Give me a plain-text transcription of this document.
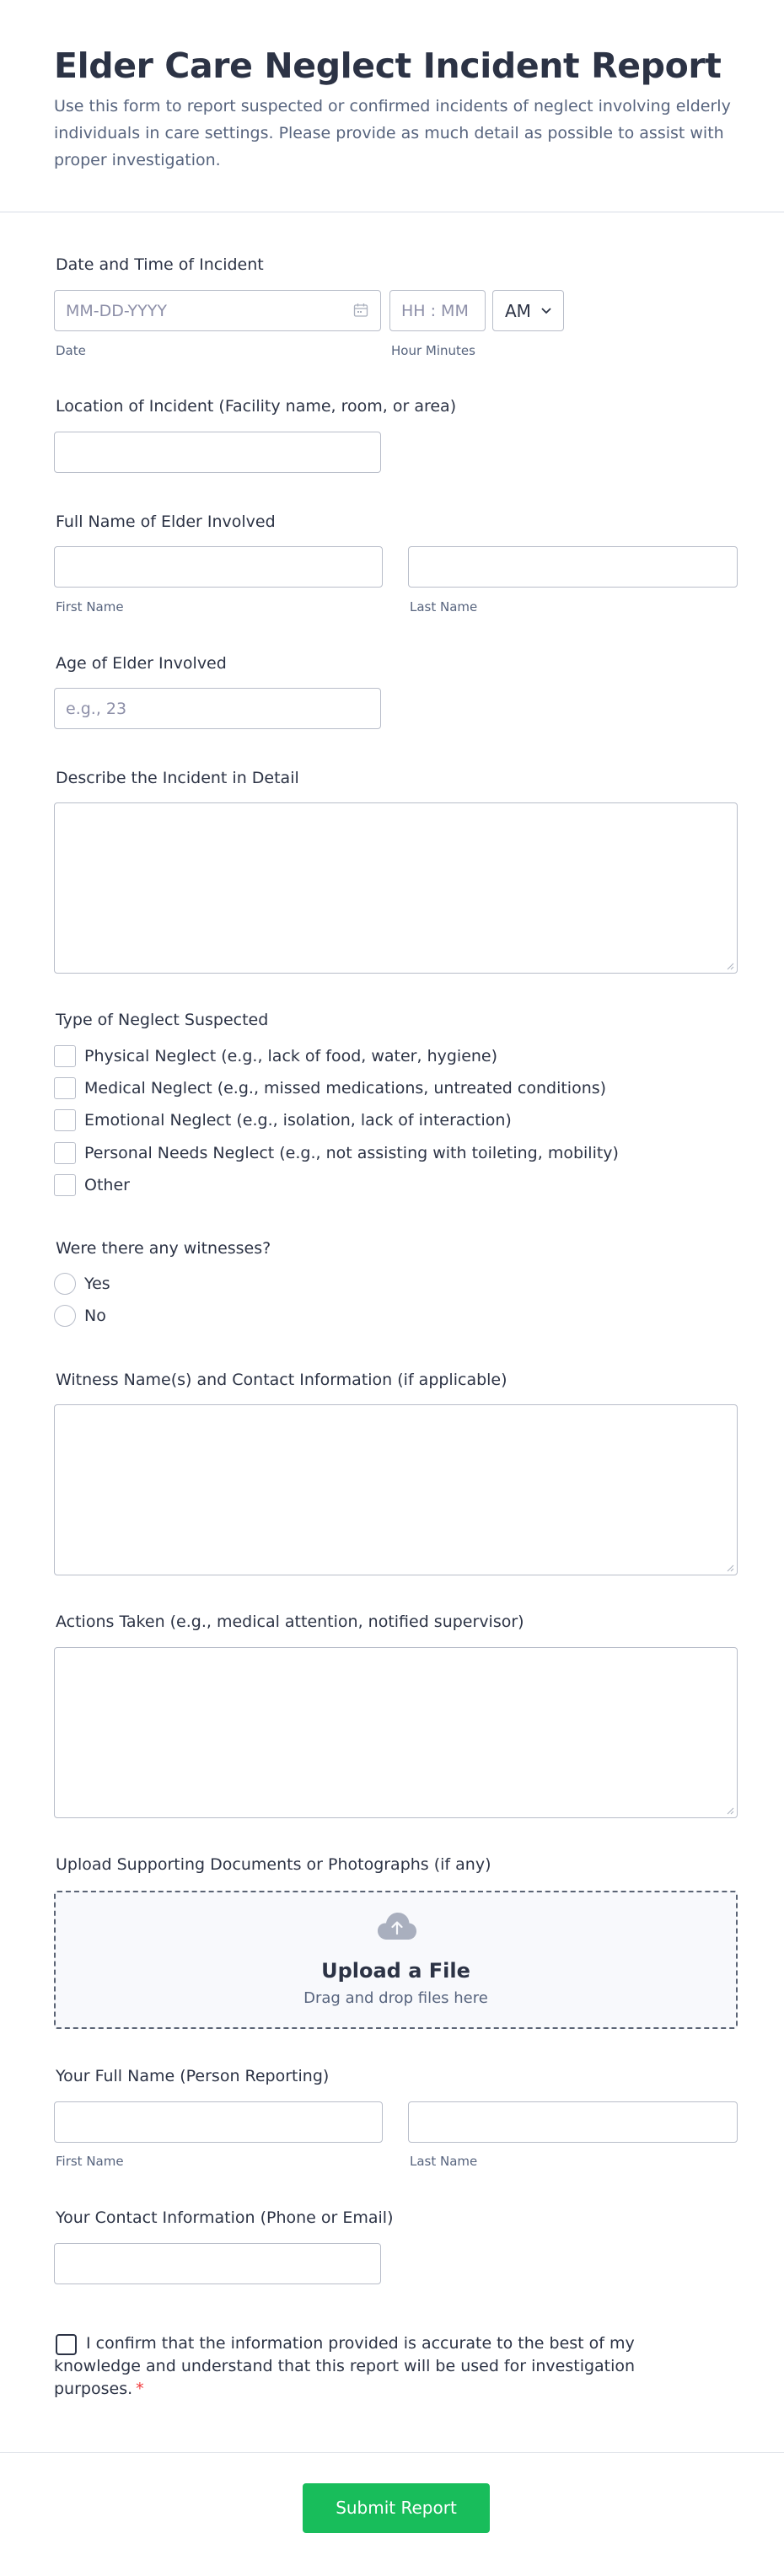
Elder Care Neglect Incident Report

Use this form to report suspected or confirmed incidents of neglect involving elderly individuals in care settings. Please provide as much detail as possible to assist with proper investigation.

Date and Time of Incident
MM-DD-YYYY
Date
HH : MM
Hour Minutes
AM
Location of Incident (Facility name, room, or area)
Full Name of Elder Involved
First Name	Last Name
Age of Elder Involved
e.g., 23
Describe the Incident in Detail
Type of Neglect Suspected
Physical Neglect (e.g., lack of food, water, hygiene)
Medical Neglect (e.g., missed medications, untreated conditions)
Emotional Neglect (e.g., isolation, lack of interaction)
Personal Needs Neglect (e.g., not assisting with toileting, mobility)
Other
Were there any witnesses?
Yes
No
Witness Name(s) and Contact Information (if applicable)
Actions Taken (e.g., medical attention, notified supervisor)
Upload Supporting Documents or Photographs (if any)
Upload a File
Drag and drop files here
Your Full Name (Person Reporting)
First Name	Last Name
Your Contact Information (Phone or Email)
I confirm that the information provided is accurate to the best of my knowledge and understand that this report will be used for investigation purposes. *
Submit Report
